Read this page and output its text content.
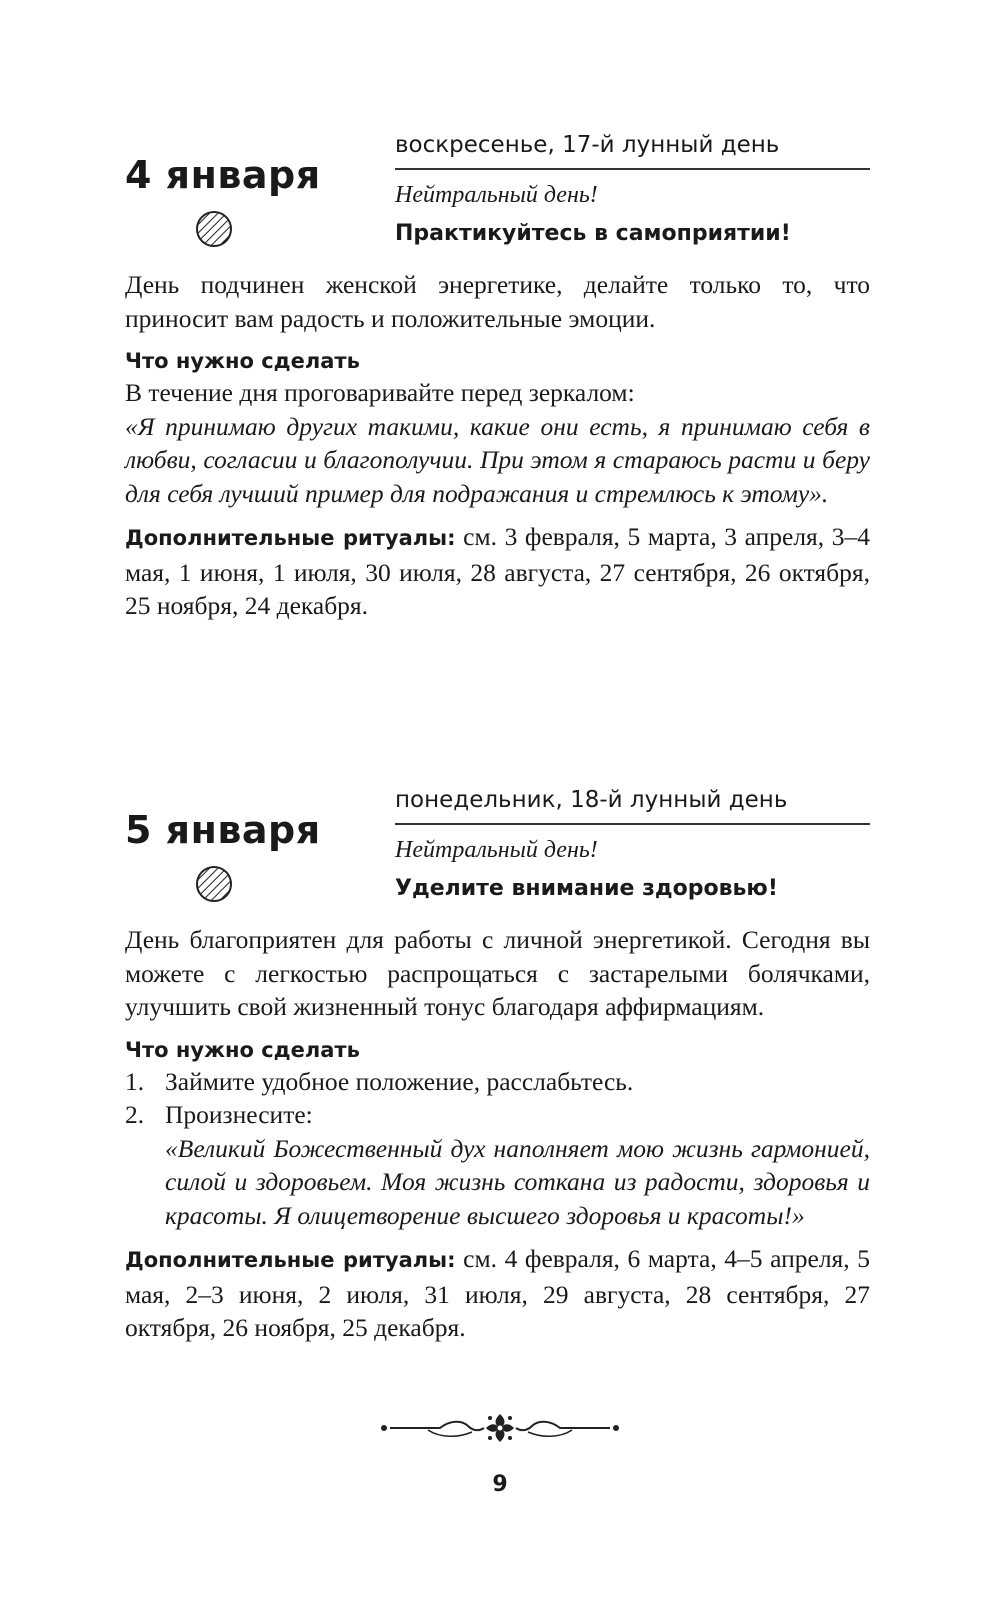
4 января
воскресенье, 17-й лунный день
Нейтральный день!
Практикуйтесь в самоприятии!

День подчинен женской энергетике, делайте только то, что приносит вам радость и положительные эмоции.

Что нужно сделать

В течение дня проговаривайте перед зеркалом:

«Я принимаю других такими, какие они есть, я принимаю себя в любви, согласии и благополучии. При этом я стараюсь расти и беру для себя лучший пример для подражания и стремлюсь к этому».

Дополнительные ритуалы: см. 3 февраля, 5 марта, 3 апреля, 3–4 мая, 1 июня, 1 июля, 30 июля, 28 августа, 27 сентября, 26 октября, 25 ноября, 24 декабря.

5 января
понедельник, 18-й лунный день
Нейтральный день!
Уделите внимание здоровью!

День благоприятен для работы с личной энергетикой. Сегодня вы можете с легкостью распрощаться с застарелыми болячками, улучшить свой жизненный тонус благодаря аффирмациям.

Что нужно сделать
1. Займите удобное положение, расслабьтесь.
2. Произнесите:
«Великий Божественный дух наполняет мою жизнь гармонией, силой и здоровьем. Моя жизнь соткана из радости, здоровья и красоты. Я олицетворение высшего здоровья и красоты!»

Дополнительные ритуалы: см. 4 февраля, 6 марта, 4–5 апреля, 5 мая, 2–3 июня, 2 июля, 31 июля, 29 августа, 28 сентября, 27 октября, 26 ноября, 25 декабря.

9
